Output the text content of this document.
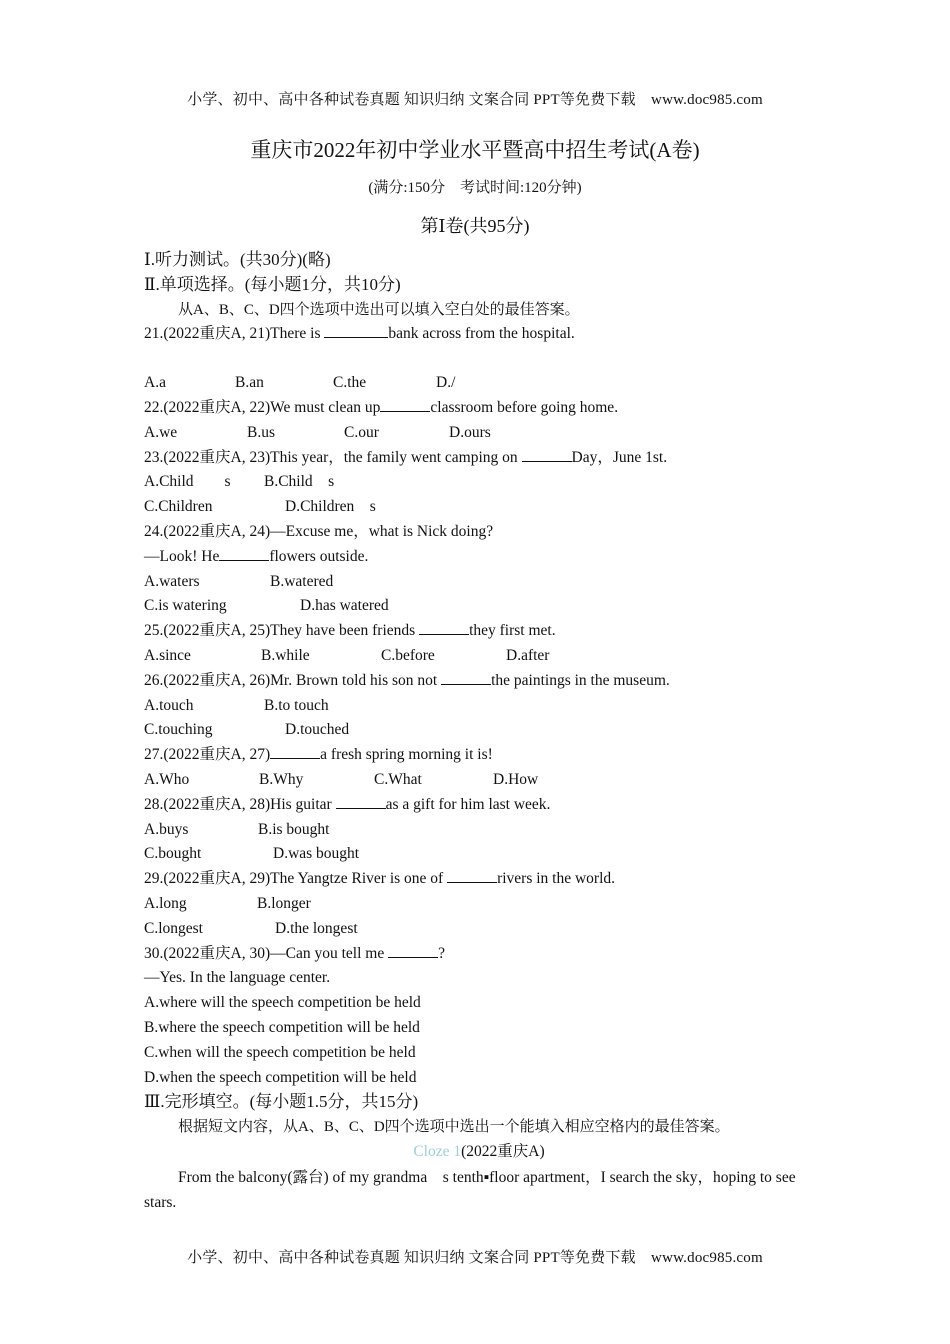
小学、初中、高中各种试卷真题 知识归纳 文案合同 PPT等免费下载　www.doc985.com
重庆市2022年初中学业水平暨高中招生考试(A卷)
(满分:150分　考试时间:120分钟)
第Ⅰ卷(共95分)
Ⅰ.听力测试。(共30分)(略)
Ⅱ.单项选择。(每小题1分，共10分)
从A、B、C、D四个选项中选出可以填入空白处的最佳答案。
21.(2022重庆A, 21)There is	bank across from the hospital.
A.a	B.an	C.the	D./
22.(2022重庆A, 22)We must clean up	classroom before going home.
A.we	B.us	C.our	D.ours
23.(2022重庆A, 23)This year，the family went camping on	Day，June 1st.
A.Child　　s B.Child　s
C.Children	D.Children　s
24.(2022重庆A, 24)—Excuse me，what is Nick doing?
—Look! He	flowers outside.
A.waters	B.watered
C.is watering	D.has watered
25.(2022重庆A, 25)They have been friends	they first met.
A.since	B.while	C.before	D.after
26.(2022重庆A, 26)Mr. Brown told his son not	the paintings in the museum.
A.touch	B.to touch
C.touching	D.touched
27.(2022重庆A, 27)	a fresh spring morning it is!
A.Who	B.Why	C.What	D.How
28.(2022重庆A, 28)His guitar	as a gift for him last week.
A.buys	B.is bought
C.bought	D.was bought
29.(2022重庆A, 29)The Yangtze River is one of	rivers in the world.
A.long	B.longer
C.longest	D.the longest
30.(2022重庆A, 30)—Can you tell me	?
—Yes. In the language center.
A.where will the speech competition be held
B.where the speech competition will be held
C.when will the speech competition be held
D.when the speech competition will be held
Ⅲ.完形填空。(每小题1.5分，共15分)
根据短文内容，从A、B、C、D四个选项中选出一个能填入相应空格内的最佳答案。
Cloze 1(2022重庆A)
From the balcony(露台) of my grandma　s tenth▪floor apartment，I search the sky，hoping to see stars.
小学、初中、高中各种试卷真题 知识归纳 文案合同 PPT等免费下载　www.doc985.com
